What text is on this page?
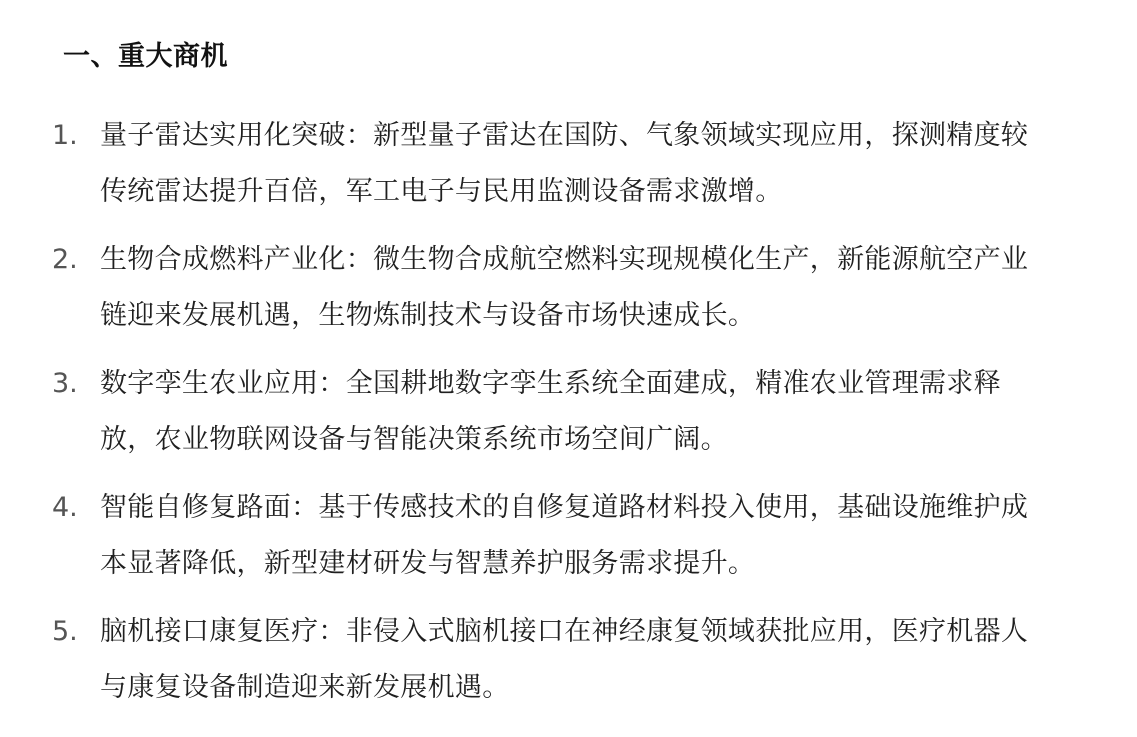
一、重大商机
1. 量子雷达实用化突破：新型量子雷达在国防、气象领域实现应用，探测精度较传统雷达提升百倍，军工电子与民用监测设备需求激增。
2. 生物合成燃料产业化：微生物合成航空燃料实现规模化生产，新能源航空产业链迎来发展机遇，生物炼制技术与设备市场快速成长。
3. 数字孪生农业应用：全国耕地数字孪生系统全面建成，精准农业管理需求释放，农业物联网设备与智能决策系统市场空间广阔。
4. 智能自修复路面：基于传感技术的自修复道路材料投入使用，基础设施维护成本显著降低，新型建材研发与智慧养护服务需求提升。
5. 脑机接口康复医疗：非侵入式脑机接口在神经康复领域获批应用，医疗机器人与康复设备制造迎来新发展机遇。
